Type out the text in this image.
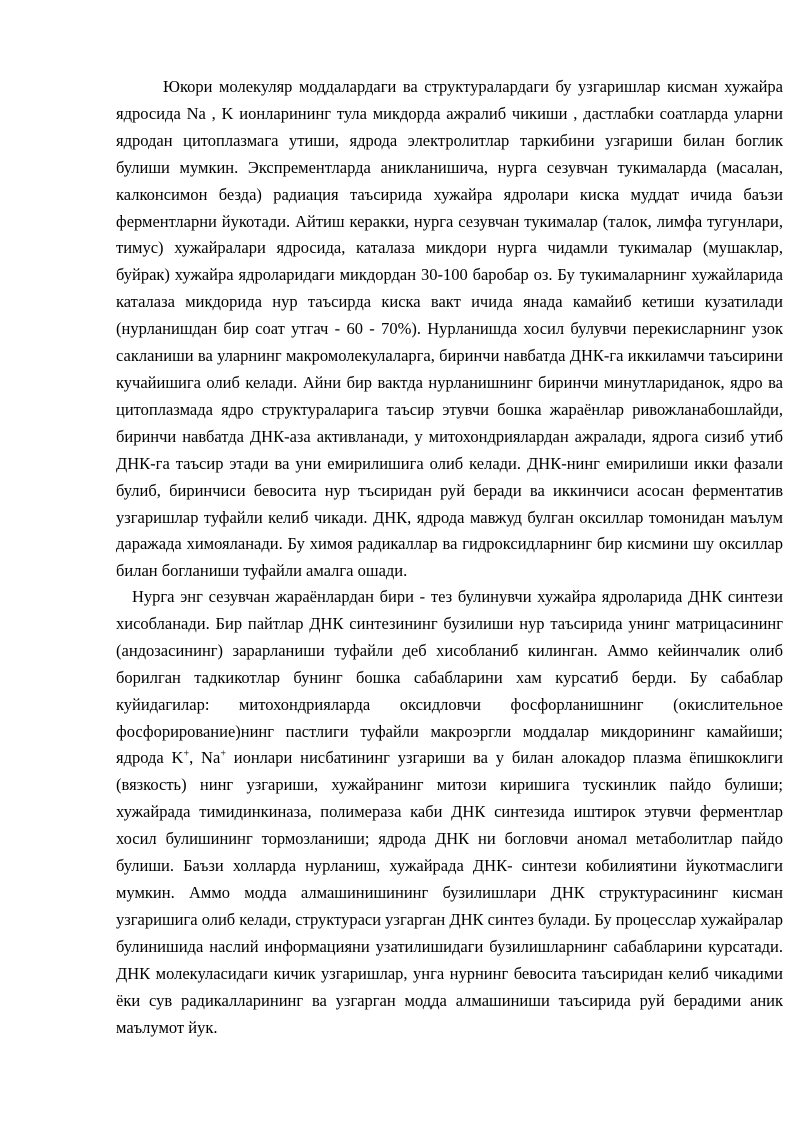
Юкори молекуляр моддалардаги ва структуралардаги бу узгаришлар кисман хужайра ядросида Na , K ионларининг тула микдорда ажралиб чикиши , дастлабки соатларда уларни ядродан цитоплазмага утиши, ядрода электролитлар таркибини узгариши билан боглик булиши мумкин. Экспрементларда аникланишича, нурга сезувчан тукималарда (масалан, калконсимон безда) радиация таъсирида хужайра ядролари киска муддат ичида баъзи ферментларни йукотади. Айтиш керакки, нурга сезувчан тукималар (талок, лимфа тугунлари, тимус) хужайралари ядросида, каталаза микдори нурга чидамли тукималар (мушаклар, буйрак) хужайра ядроларидаги микдордан 30-100 баробар оз. Бу тукималарнинг хужайларида каталаза микдорида нур таъсирда киска вакт ичида янада камайиб кетиши кузатилади (нурланишдан бир соат утгач - 60 - 70%). Нурланишда хосил булувчи перекисларнинг узок сакланиши ва уларнинг макромолекулаларга, биринчи навбатда ДНК-га иккиламчи таъсирини кучайишига олиб келади. Айни бир вактда нурланишнинг биринчи минутлариданок, ядро ва цитоплазмада ядро структураларига таъсир этувчи бошка жараёнлар ривожланабошлайди, биринчи навбатда ДНК-аза активланади, у митохондриялардан ажралади, ядрога сизиб утиб ДНК-га таъсир этади ва уни емирилишига олиб келади. ДНК-нинг емирилиши икки фазали булиб, биринчиси бевосита нур тъсиридан руй беради ва иккинчиси асосан ферментатив узгаришлар туфайли келиб чикади. ДНК, ядрода мавжуд булган оксиллар томонидан маълум даражада химояланади. Бу химоя радикаллар ва гидроксидларнинг бир кисмини шу оксиллар билан богланиши туфайли амалга ошади.

Нурга энг сезувчан жараёнлардан бири - тез булинувчи хужайра ядроларида ДНК синтези хисобланади. Бир пайтлар ДНК синтезининг бузилиши нур таъсирида унинг матрицасининг (андозасининг) зарарланиши туфайли деб хисобланиб килинган. Аммо кейинчалик олиб борилган тадкикотлар бунинг бошка сабабларини хам курсатиб берди. Бу сабаблар куйидагилар: митохондрияларда оксидловчи фосфорланишнинг (окислительное фосфорирование)нинг пастлиги туфайли макроэргли моддалар микдорининг камайиши; ядрода K+, Na+ ионлари нисбатининг узгариши ва у билан алокадор плазма ёпишкоклиги (вязкость) нинг узгариши, хужайранинг митози киришига тускинлик пайдо булиши; хужайрада тимидинкиназа, полимераза каби ДНК синтезида иштирок этувчи ферментлар хосил булишининг тормозланиши; ядрода ДНК ни богловчи аномал метаболитлар пайдо булиши. Баъзи холларда нурланиш, хужайрада ДНК- синтези кобилиятини йукотмаслиги мумкин. Аммо модда алмашинишининг бузилишлари ДНК структурасининг кисман узгаришига олиб келади, структураси узгарган ДНК синтез булади. Бу процесслар хужайралар булинишида наслий информацияни узатилишидаги бузилишларнинг сабабларини курсатади. ДНК молекуласидаги кичик узгаришлар, унга нурнинг бевосита таъсиридан келиб чикадими ёки сув радикалларининг ва узгарган модда алмашиниши таъсирида руй берадими аник маълумот йук.
